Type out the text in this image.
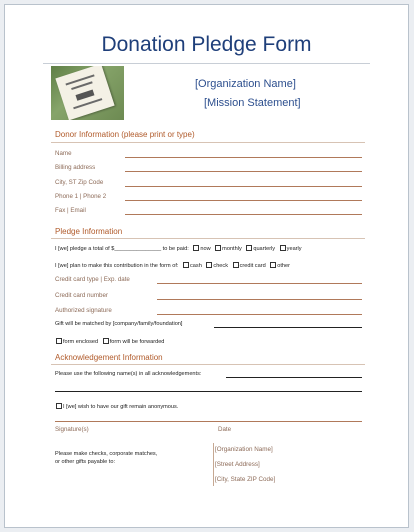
Donation Pledge Form
[Organization Name]
[Mission Statement]
Donor Information (please print or type)
Name
Billing address
City, ST Zip Code
Phone 1 | Phone 2
Fax | Email
Pledge Information
I [we] pledge a total of $_______________ to be paid: now monthly quarterly yearly
I [we] plan to make this contribution in the form of: cash check credit card other
Credit card type | Exp. date
Credit card number
Authorized signature
Gift will be matched by [company/family/foundation]
form enclosed form will be forwarded
Acknowledgement Information
Please use the following name(s) in all acknowledgements:
I [we] wish to have our gift remain anonymous.
Signature(s)	Date
Please make checks, corporate matches,
or other gifts payable to:
[Organization Name]
[Street Address]
[City, State ZIP Code]
